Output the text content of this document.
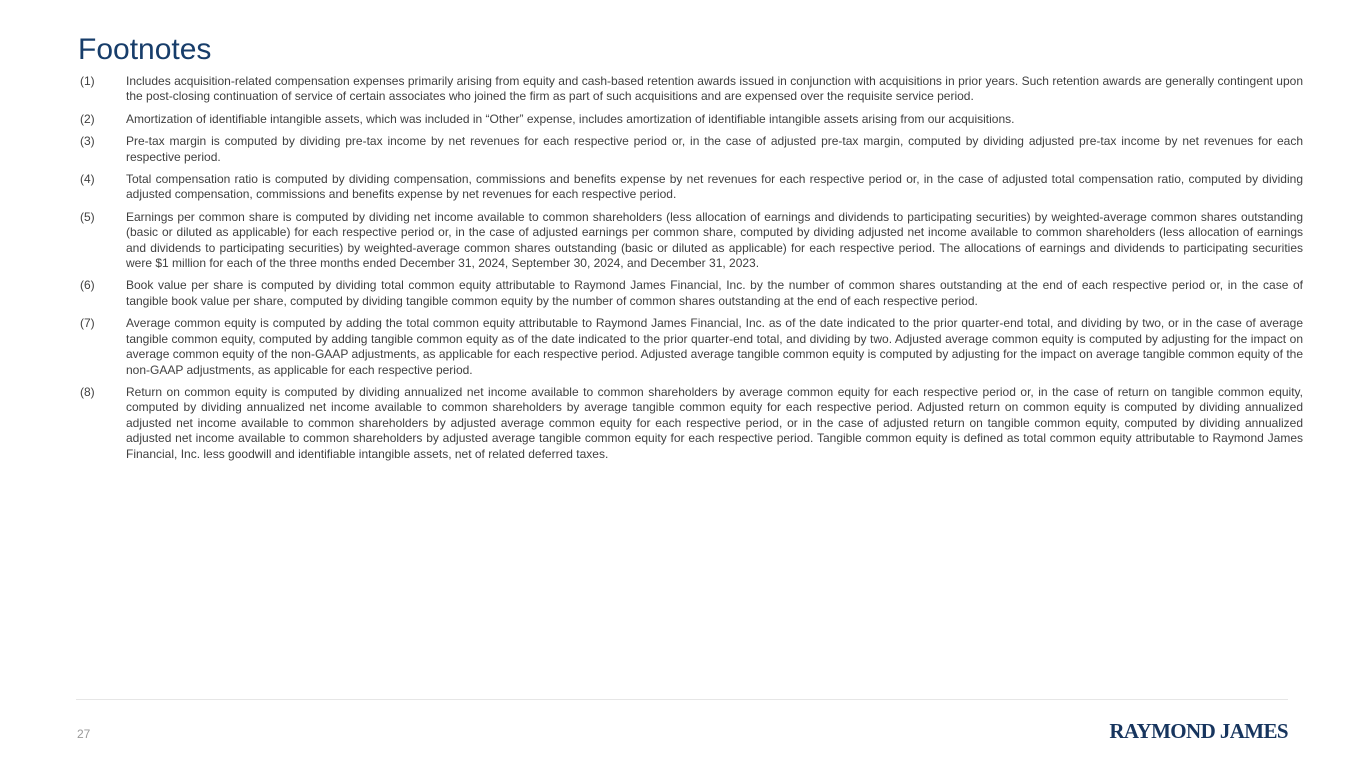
Footnotes
(1)	Includes acquisition-related compensation expenses primarily arising from equity and cash-based retention awards issued in conjunction with acquisitions in prior years. Such retention awards are generally contingent upon the post-closing continuation of service of certain associates who joined the firm as part of such acquisitions and are expensed over the requisite service period.
(2)	Amortization of identifiable intangible assets, which was included in “Other” expense, includes amortization of identifiable intangible assets arising from our acquisitions.
(3)	Pre-tax margin is computed by dividing pre-tax income by net revenues for each respective period or, in the case of adjusted pre-tax margin, computed by dividing adjusted pre-tax income by net revenues for each respective period.
(4)	Total compensation ratio is computed by dividing compensation, commissions and benefits expense by net revenues for each respective period or, in the case of adjusted total compensation ratio, computed by dividing adjusted compensation, commissions and benefits expense by net revenues for each respective period.
(5)	Earnings per common share is computed by dividing net income available to common shareholders (less allocation of earnings and dividends to participating securities) by weighted-average common shares outstanding (basic or diluted as applicable) for each respective period or, in the case of adjusted earnings per common share, computed by dividing adjusted net income available to common shareholders (less allocation of earnings and dividends to participating securities) by weighted-average common shares outstanding (basic or diluted as applicable) for each respective period. The allocations of earnings and dividends to participating securities were $1 million for each of the three months ended December 31, 2024, September 30, 2024, and December 31, 2023.
(6)	Book value per share is computed by dividing total common equity attributable to Raymond James Financial, Inc. by the number of common shares outstanding at the end of each respective period or, in the case of tangible book value per share, computed by dividing tangible common equity by the number of common shares outstanding at the end of each respective period.
(7)	Average common equity is computed by adding the total common equity attributable to Raymond James Financial, Inc. as of the date indicated to the prior quarter-end total, and dividing by two, or in the case of average tangible common equity, computed by adding tangible common equity as of the date indicated to the prior quarter-end total, and dividing by two. Adjusted average common equity is computed by adjusting for the impact on average common equity of the non-GAAP adjustments, as applicable for each respective period. Adjusted average tangible common equity is computed by adjusting for the impact on average tangible common equity of the non-GAAP adjustments, as applicable for each respective period.
(8)	Return on common equity is computed by dividing annualized net income available to common shareholders by average common equity for each respective period or, in the case of return on tangible common equity, computed by dividing annualized net income available to common shareholders by average tangible common equity for each respective period. Adjusted return on common equity is computed by dividing annualized adjusted net income available to common shareholders by adjusted average common equity for each respective period, or in the case of adjusted return on tangible common equity, computed by dividing annualized adjusted net income available to common shareholders by adjusted average tangible common equity for each respective period. Tangible common equity is defined as total common equity attributable to Raymond James Financial, Inc. less goodwill and identifiable intangible assets, net of related deferred taxes.
27	RAYMOND JAMES
